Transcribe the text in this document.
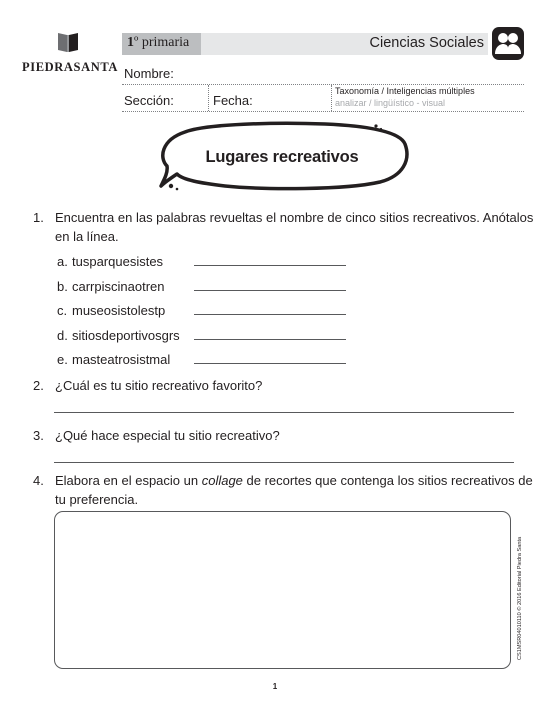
PIEDRASANTA
1º primaria	Ciencias Sociales
Nombre:
Sección:	Fecha:
Taxonomía / Inteligencias múltiples
analizar / lingüístico - visual
Lugares recreativos
1. Encuentra en las palabras revueltas el nombre de cinco sitios recreativos. Anótalos
en la línea.
a. tusparquesistes
b. carrpiscinaotren
c. museosistolestp
d. sitiosdeportivosgrs
e. masteatrosistmal
2. ¿Cuál es tu sitio recreativo favorito?
3. ¿Qué hace especial tu sitio recreativo?
4. Elabora en el espacio un collage de recortes que contenga los sitios recreativos de
tu preferencia.
1
CS1MSR04010110 © 2016 Editorial Piedra Santa
